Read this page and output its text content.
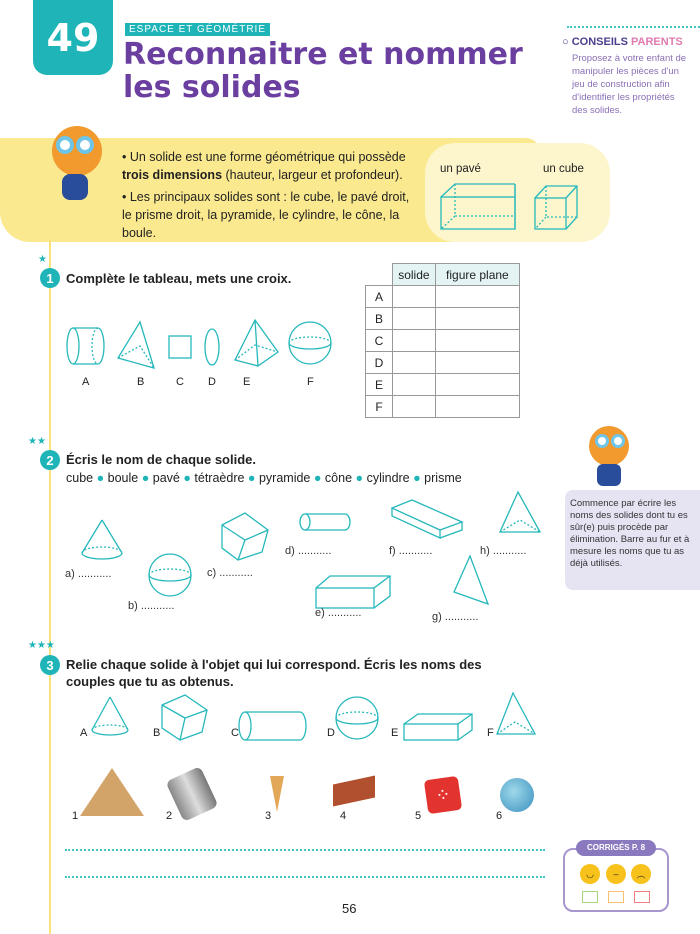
49	ESPACE ET GÉOMÉTRIE
Reconnaitre et nommer les solides
○ CONSEILS PARENTS
Proposez à votre enfant de manipuler les pièces d'un jeu de construction afin d'identifier les propriétés des solides.
• Un solide est une forme géométrique qui possède trois dimensions (hauteur, largeur et profondeur).
• Les principaux solides sont : le cube, le pavé droit, le prisme droit, la pyramide, le cylindre, le cône, la boule.
un pavé	un cube
★
1 Complète le tableau, mets une croix.
		solide	figure plane
A		
B		
C		
D		
E		
F		
A	B	C D E	F
★★
2 Écris le nom de chaque solide.
cube ● boule ● pavé ● tétraèdre ● pyramide ● cône ● cylindre ● prisme
a) ...........
b) ...........
c) ...........
d) ...........
e) ...........
f) ...........
g) ...........
h) ...........
Commence par écrire les noms des solides dont tu es sûr(e) puis procède par élimination. Barre au fur et à mesure les noms que tu as déjà utilisés.
★★★
3 Relie chaque solide à l'objet qui lui correspond. Écris les noms des couples que tu as obtenus.
A	B	C	D	E	F
⁘
1	2	3	4	5	6
CORRIGÉS P. 8
◡	–	︵
56
